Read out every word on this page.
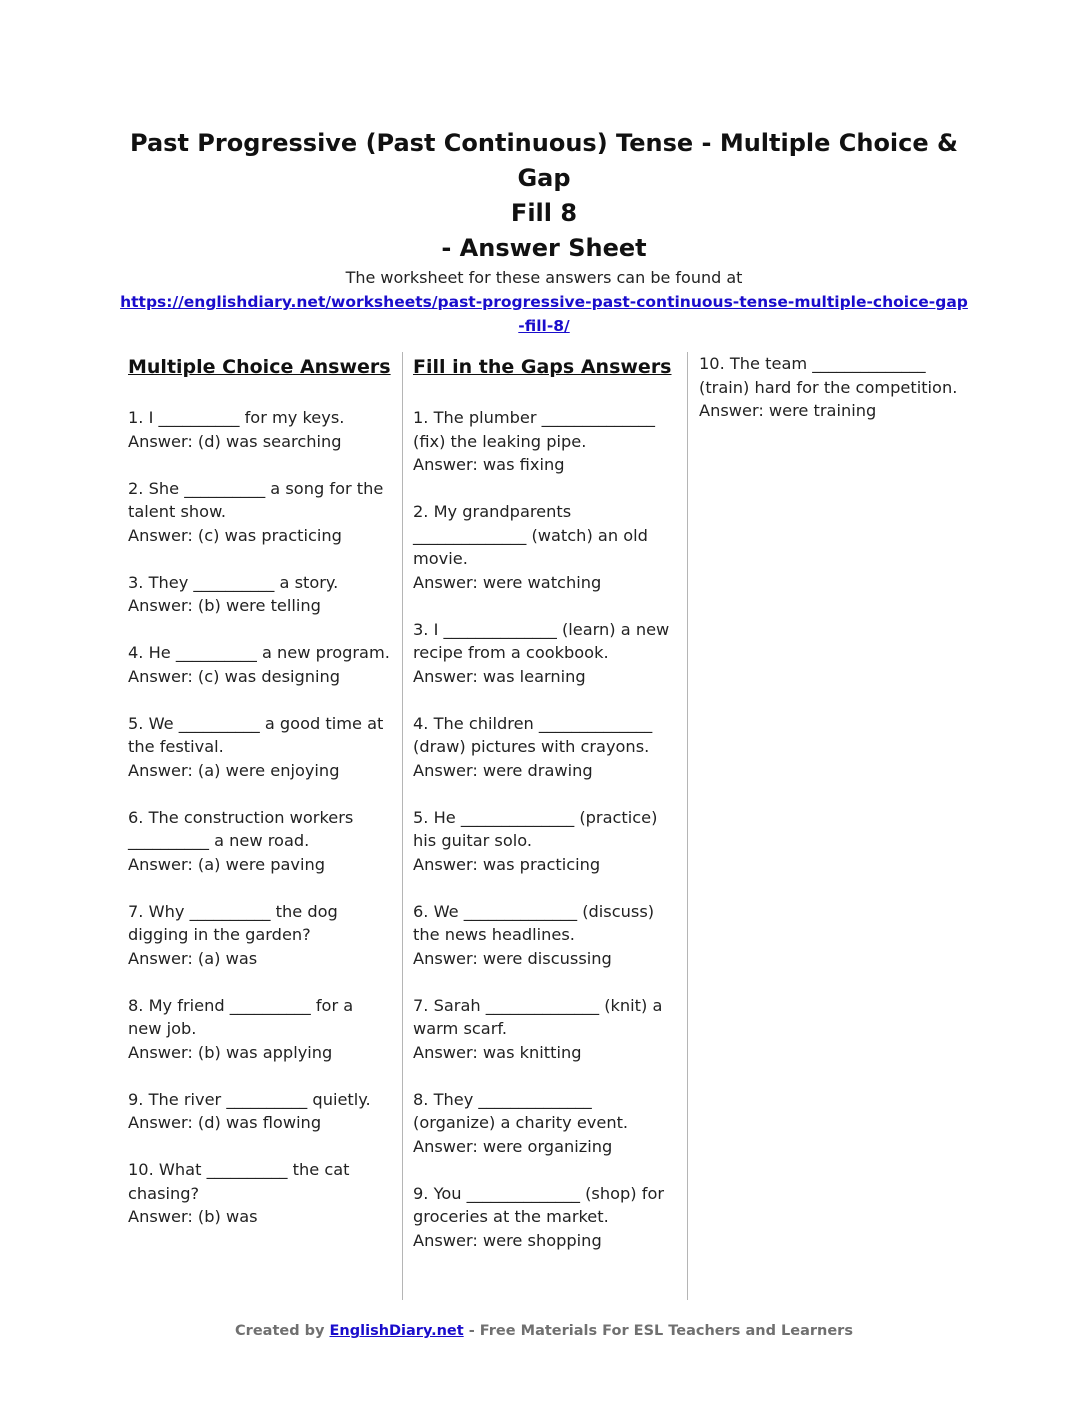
Past Progressive (Past Continuous) Tense - Multiple Choice & Gap
Fill 8
- Answer Sheet
The worksheet for these answers can be found at
https://englishdiary.net/worksheets/past-progressive-past-continuous-tense-multiple-choice-gap
-fill-8/
Multiple Choice Answers
1. I __________ for my keys.
Answer: (d) was searching
2. She __________ a song for the talent show.
Answer: (c) was practicing
3. They __________ a story.
Answer: (b) were telling
4. He __________ a new program.
Answer: (c) was designing
5. We __________ a good time at the festival.
Answer: (a) were enjoying
6. The construction workers __________ a new road.
Answer: (a) were paving
7. Why __________ the dog digging in the garden?
Answer: (a) was
8. My friend __________ for a new job.
Answer: (b) was applying
9. The river __________ quietly.
Answer: (d) was flowing
10. What __________ the cat chasing?
Answer: (b) was
Fill in the Gaps Answers
1. The plumber ______________ (fix) the leaking pipe.
Answer: was fixing
2. My grandparents ______________ (watch) an old movie.
Answer: were watching
3. I ______________ (learn) a new recipe from a cookbook.
Answer: was learning
4. The children ______________ (draw) pictures with crayons.
Answer: were drawing
5. He ______________ (practice) his guitar solo.
Answer: was practicing
6. We ______________ (discuss) the news headlines.
Answer: were discussing
7. Sarah ______________ (knit) a warm scarf.
Answer: was knitting
8. They ______________ (organize) a charity event.
Answer: were organizing
9. You ______________ (shop) for groceries at the market.
Answer: were shopping
10. The team ______________ (train) hard for the competition.
Answer: were training
Created by EnglishDiary.net - Free Materials For ESL Teachers and Learners
